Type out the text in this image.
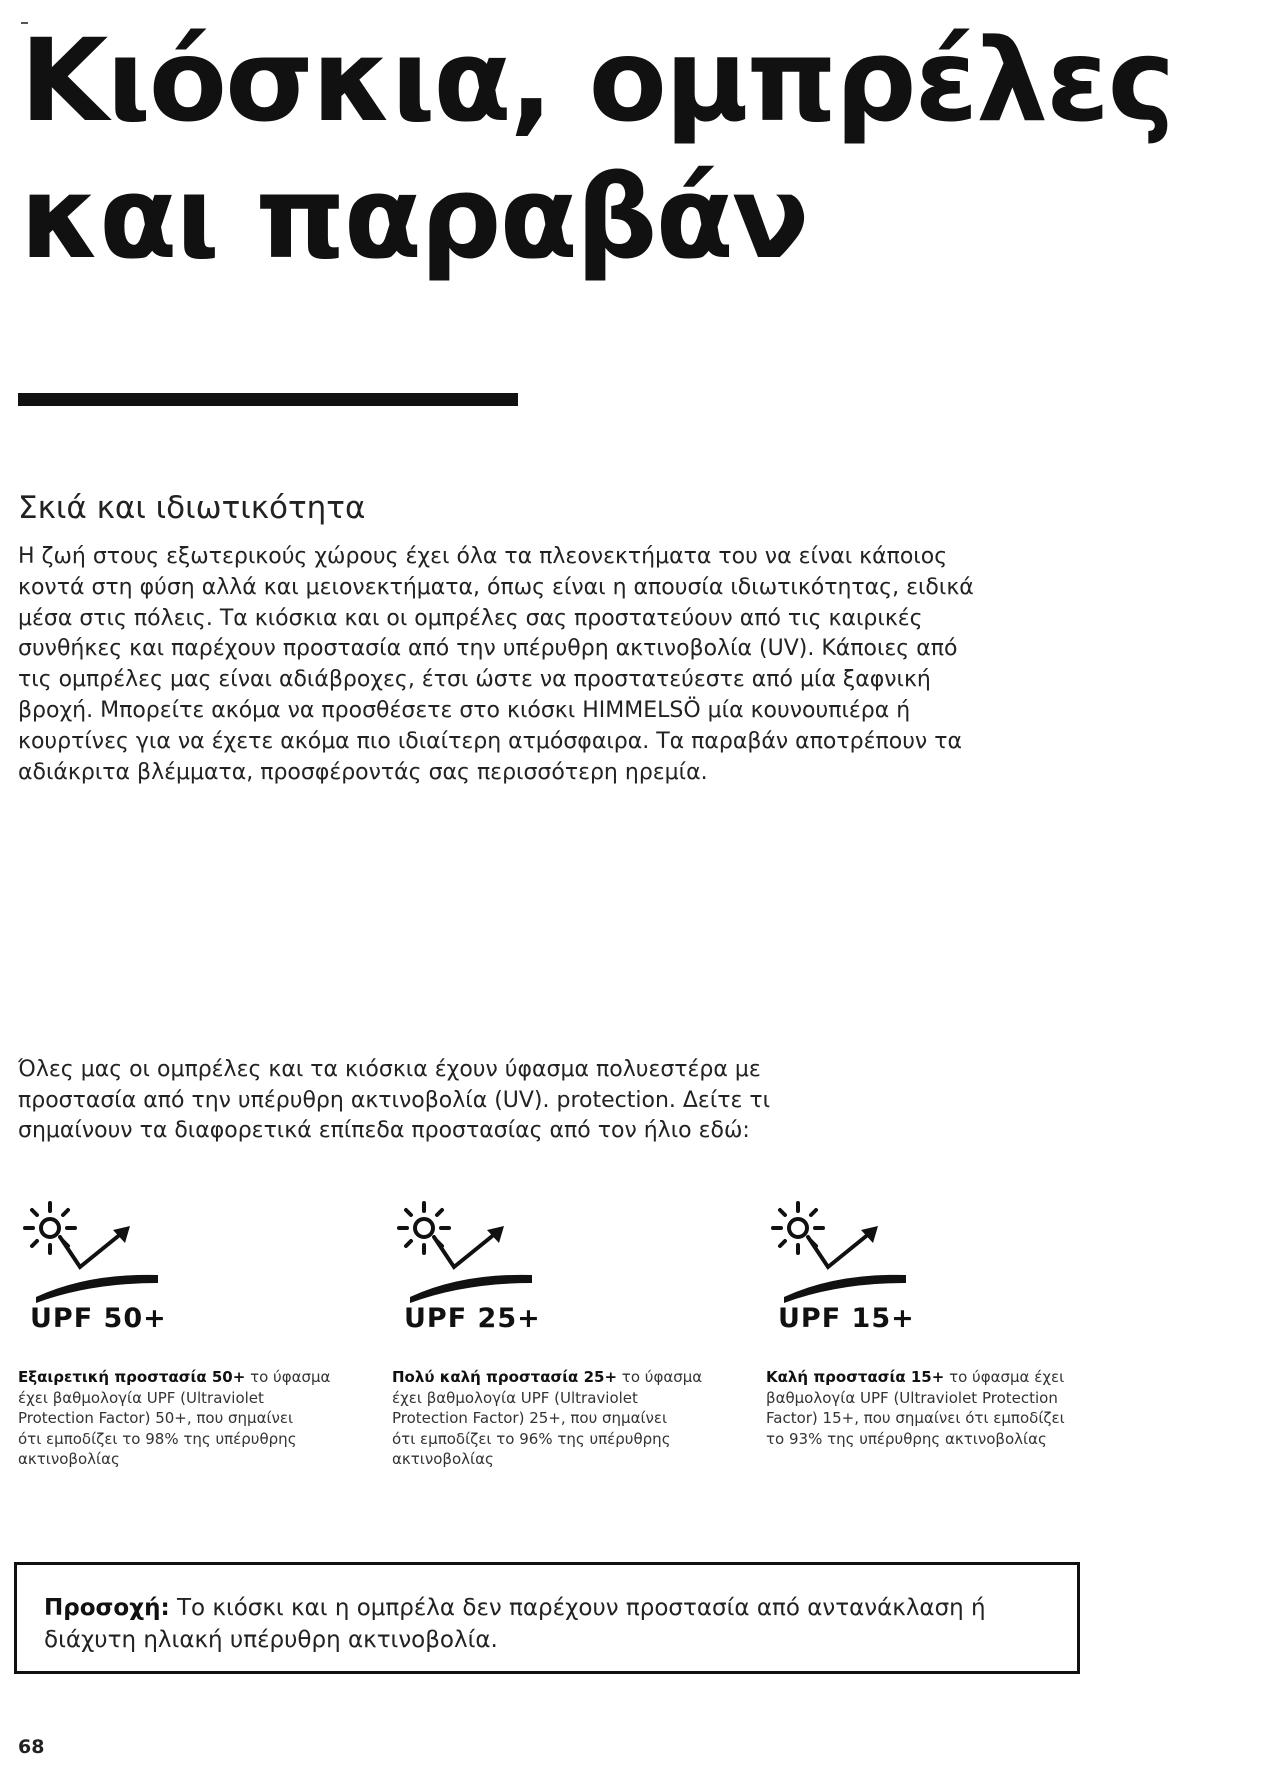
Κιόσκια, ομπρέλες
και παραβάν
Σκιά και ιδιωτικότητα
Η ζωή στους εξωτερικούς χώρους έχει όλα τα πλεονεκτήματα του να είναι κάποιος
κοντά στη φύση αλλά και μειονεκτήματα, όπως είναι η απουσία ιδιωτικότητας, ειδικά
μέσα στις πόλεις. Τα κιόσκια και οι ομπρέλες σας προστατεύουν από τις καιρικές
συνθήκες και παρέχουν προστασία από την υπέρυθρη ακτινοβολία (UV). Κάποιες από
τις ομπρέλες μας είναι αδιάβροχες, έτσι ώστε να προστατεύεστε από μία ξαφνική
βροχή. Μπορείτε ακόμα να προσθέσετε στο κιόσκι HIMMELSÖ μία κουνουπιέρα ή
κουρτίνες για να έχετε ακόμα πιο ιδιαίτερη ατμόσφαιρα. Τα παραβάν αποτρέπουν τα
αδιάκριτα βλέμματα, προσφέροντάς σας περισσότερη ηρεμία.
Όλες μας οι ομπρέλες και τα κιόσκια έχουν ύφασμα πολυεστέρα με
προστασία από την υπέρυθρη ακτινοβολία (UV). protection. Δείτε τι
σημαίνουν τα διαφορετικά επίπεδα προστασίας από τον ήλιο εδώ:
UPF 50+
Εξαιρετική προστασία 50+ το ύφασμα
έχει βαθμολογία UPF (Ultraviolet
Protection Factor) 50+, που σημαίνει
ότι εμποδίζει το 98% της υπέρυθρης
ακτινοβολίας
UPF 25+
Πολύ καλή προστασία 25+ το ύφασμα
έχει βαθμολογία UPF (Ultraviolet
Protection Factor) 25+, που σημαίνει
ότι εμποδίζει το 96% της υπέρυθρης
ακτινοβολίας
UPF 15+
Καλή προστασία 15+ το ύφασμα έχει
βαθμολογία UPF (Ultraviolet Protection
Factor) 15+, που σημαίνει ότι εμποδίζει
το 93% της υπέρυθρης ακτινοβολίας

Προσοχή: Το κιόσκι και η ομπρέλα δεν παρέχουν προστασία από αντανάκλαση ή
διάχυτη ηλιακή υπέρυθρη ακτινοβολία.

68
